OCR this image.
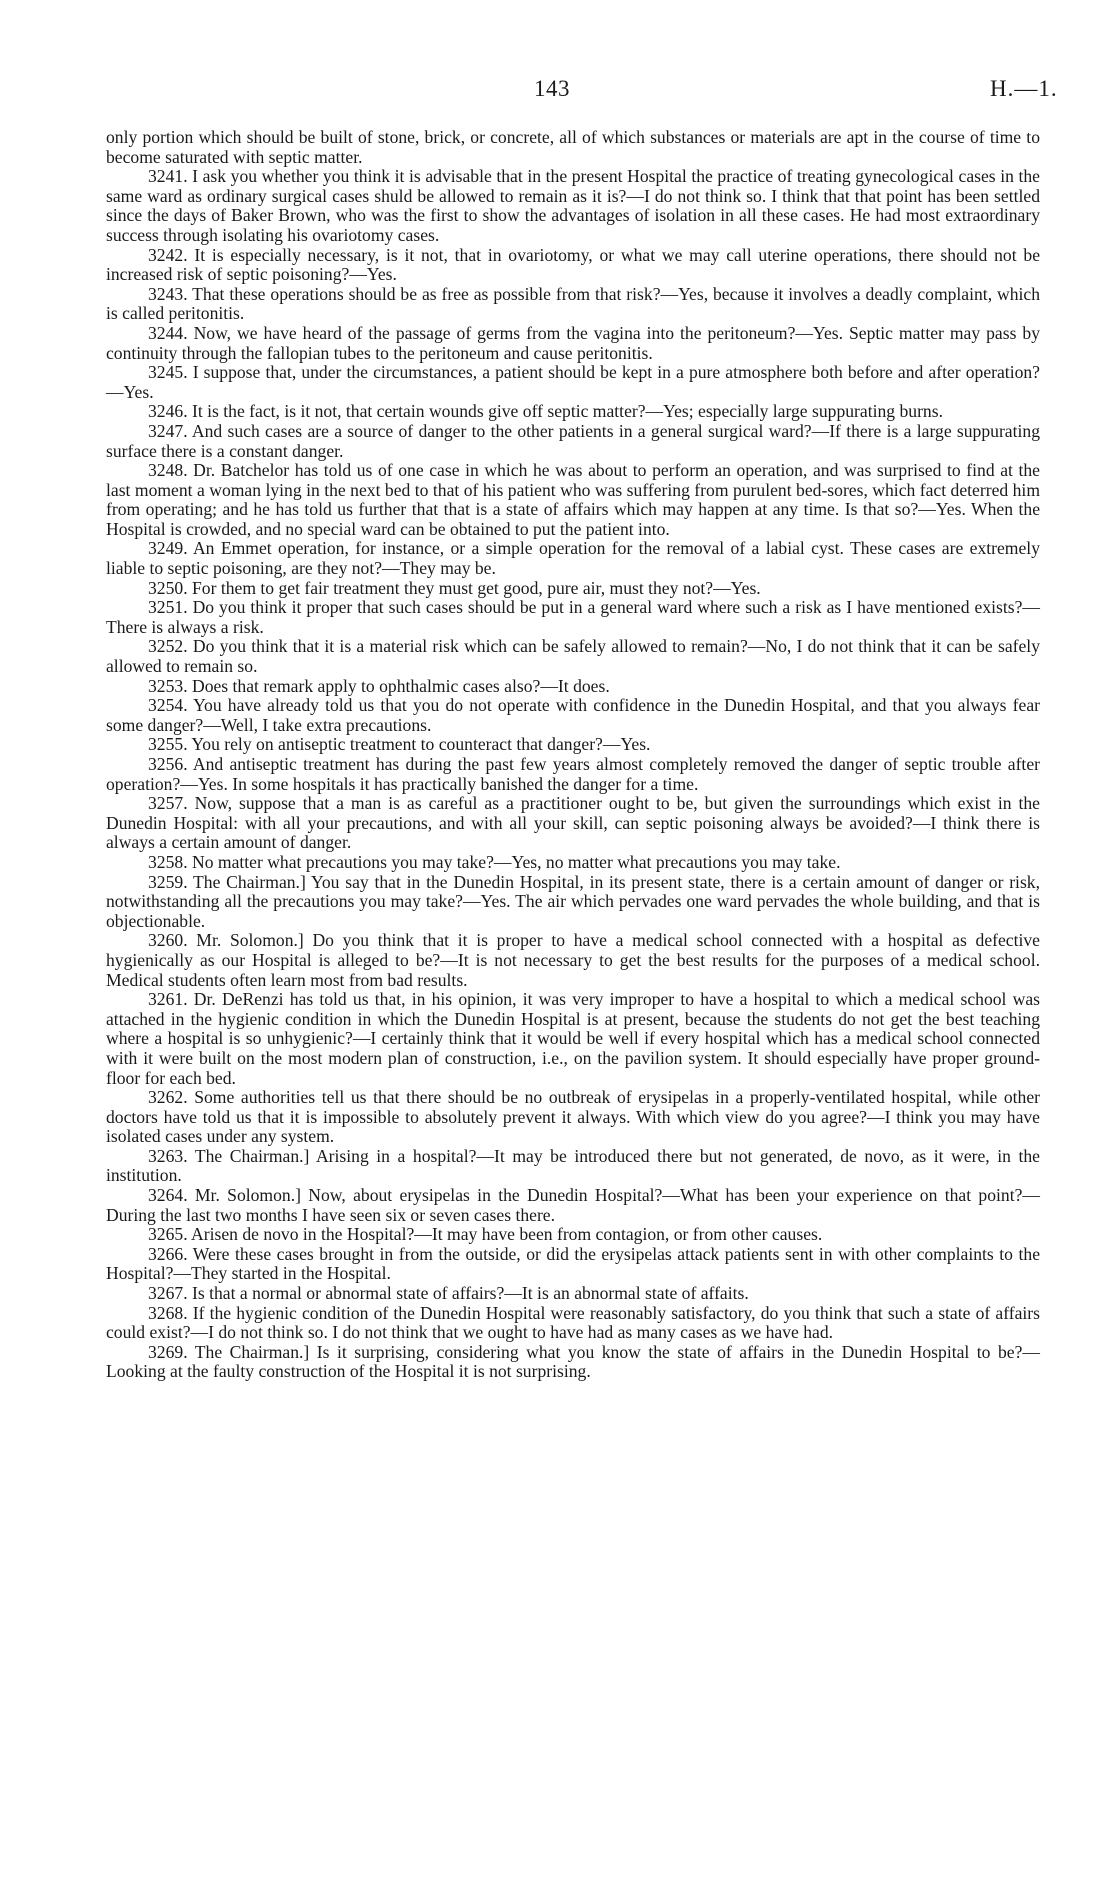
143	H.—1.

only portion which should be built of stone, brick, or concrete, all of which substances or materials are apt in the course of time to become saturated with septic matter.

3241. I ask you whether you think it is advisable that in the present Hospital the practice of treating gynecological cases in the same ward as ordinary surgical cases shuld be allowed to remain as it is?—I do not think so. I think that that point has been settled since the days of Baker Brown, who was the first to show the advantages of isolation in all these cases. He had most extraordinary success through isolating his ovariotomy cases.

3242. It is especially necessary, is it not, that in ovariotomy, or what we may call uterine operations, there should not be increased risk of septic poisoning?—Yes.

3243. That these operations should be as free as possible from that risk?—Yes, because it involves a deadly complaint, which is called peritonitis.

3244. Now, we have heard of the passage of germs from the vagina into the peritoneum?—Yes. Septic matter may pass by continuity through the fallopian tubes to the peritoneum and cause peritonitis.

3245. I suppose that, under the circumstances, a patient should be kept in a pure atmosphere both before and after operation?—Yes.

3246. It is the fact, is it not, that certain wounds give off septic matter?—Yes; especially large suppurating burns.

3247. And such cases are a source of danger to the other patients in a general surgical ward?—If there is a large suppurating surface there is a constant danger.

3248. Dr. Batchelor has told us of one case in which he was about to perform an operation, and was surprised to find at the last moment a woman lying in the next bed to that of his patient who was suffering from purulent bed-sores, which fact deterred him from operating; and he has told us further that that is a state of affairs which may happen at any time. Is that so?—Yes. When the Hospital is crowded, and no special ward can be obtained to put the patient into.

3249. An Emmet operation, for instance, or a simple operation for the removal of a labial cyst. These cases are extremely liable to septic poisoning, are they not?—They may be.

3250. For them to get fair treatment they must get good, pure air, must they not?—Yes.

3251. Do you think it proper that such cases should be put in a general ward where such a risk as I have mentioned exists?—There is always a risk.

3252. Do you think that it is a material risk which can be safely allowed to remain?—No, I do not think that it can be safely allowed to remain so.

3253. Does that remark apply to ophthalmic cases also?—It does.

3254. You have already told us that you do not operate with confidence in the Dunedin Hospital, and that you always fear some danger?—Well, I take extra precautions.

3255. You rely on antiseptic treatment to counteract that danger?—Yes.

3256. And antiseptic treatment has during the past few years almost completely removed the danger of septic trouble after operation?—Yes. In some hospitals it has practically banished the danger for a time.

3257. Now, suppose that a man is as careful as a practitioner ought to be, but given the surroundings which exist in the Dunedin Hospital: with all your precautions, and with all your skill, can septic poisoning always be avoided?—I think there is always a certain amount of danger.

3258. No matter what precautions you may take?—Yes, no matter what precautions you may take.

3259. The Chairman.] You say that in the Dunedin Hospital, in its present state, there is a certain amount of danger or risk, notwithstanding all the precautions you may take?—Yes. The air which pervades one ward pervades the whole building, and that is objectionable.

3260. Mr. Solomon.] Do you think that it is proper to have a medical school connected with a hospital as defective hygienically as our Hospital is alleged to be?—It is not necessary to get the best results for the purposes of a medical school. Medical students often learn most from bad results.

3261. Dr. DeRenzi has told us that, in his opinion, it was very improper to have a hospital to which a medical school was attached in the hygienic condition in which the Dunedin Hospital is at present, because the students do not get the best teaching where a hospital is so unhygienic?—I certainly think that it would be well if every hospital which has a medical school connected with it were built on the most modern plan of construction, i.e., on the pavilion system. It should especially have proper ground-floor for each bed.

3262. Some authorities tell us that there should be no outbreak of erysipelas in a properly-ventilated hospital, while other doctors have told us that it is impossible to absolutely prevent it always. With which view do you agree?—I think you may have isolated cases under any system.

3263. The Chairman.] Arising in a hospital?—It may be introduced there but not generated, de novo, as it were, in the institution.

3264. Mr. Solomon.] Now, about erysipelas in the Dunedin Hospital?—What has been your experience on that point?—During the last two months I have seen six or seven cases there.

3265. Arisen de novo in the Hospital?—It may have been from contagion, or from other causes.

3266. Were these cases brought in from the outside, or did the erysipelas attack patients sent in with other complaints to the Hospital?—They started in the Hospital.

3267. Is that a normal or abnormal state of affairs?—It is an abnormal state of affaits.

3268. If the hygienic condition of the Dunedin Hospital were reasonably satisfactory, do you think that such a state of affairs could exist?—I do not think so. I do not think that we ought to have had as many cases as we have had.

3269. The Chairman.] Is it surprising, considering what you know the state of affairs in the Dunedin Hospital to be?—Looking at the faulty construction of the Hospital it is not surprising.
